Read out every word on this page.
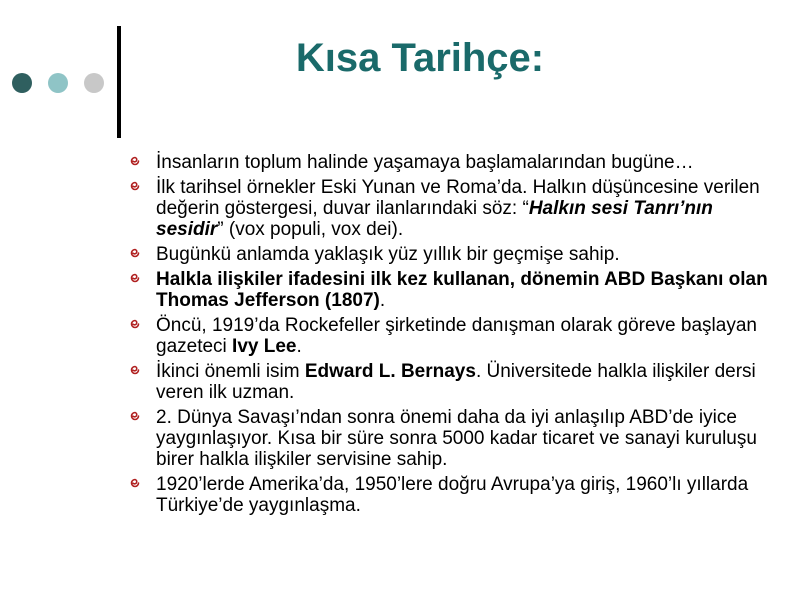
Kısa Tarihçe:
İnsanların toplum halinde yaşamaya başlamalarından bugüne…
İlk tarihsel örnekler Eski Yunan ve Roma’da. Halkın düşüncesine verilen değerin göstergesi, duvar ilanlarındaki söz: “Halkın sesi Tanrı’nın sesidir” (vox populi, vox dei).
Bugünkü anlamda yaklaşık yüz yıllık bir geçmişe sahip.
Halkla ilişkiler ifadesini ilk kez kullanan, dönemin ABD Başkanı olan Thomas Jefferson (1807).
Öncü, 1919’da Rockefeller şirketinde danışman olarak göreve başlayan gazeteci Ivy Lee.
İkinci önemli isim Edward L. Bernays. Üniversitede halkla ilişkiler dersi veren ilk uzman.
2. Dünya Savaşı’ndan sonra önemi daha da iyi anlaşılıp ABD’de iyice yaygınlaşıyor. Kısa bir süre sonra 5000 kadar ticaret ve sanayi kuruluşu birer halkla ilişkiler servisine sahip.
1920’lerde Amerika’da, 1950’lere doğru Avrupa’ya giriş, 1960’lı yıllarda Türkiye’de yaygınlaşma.
